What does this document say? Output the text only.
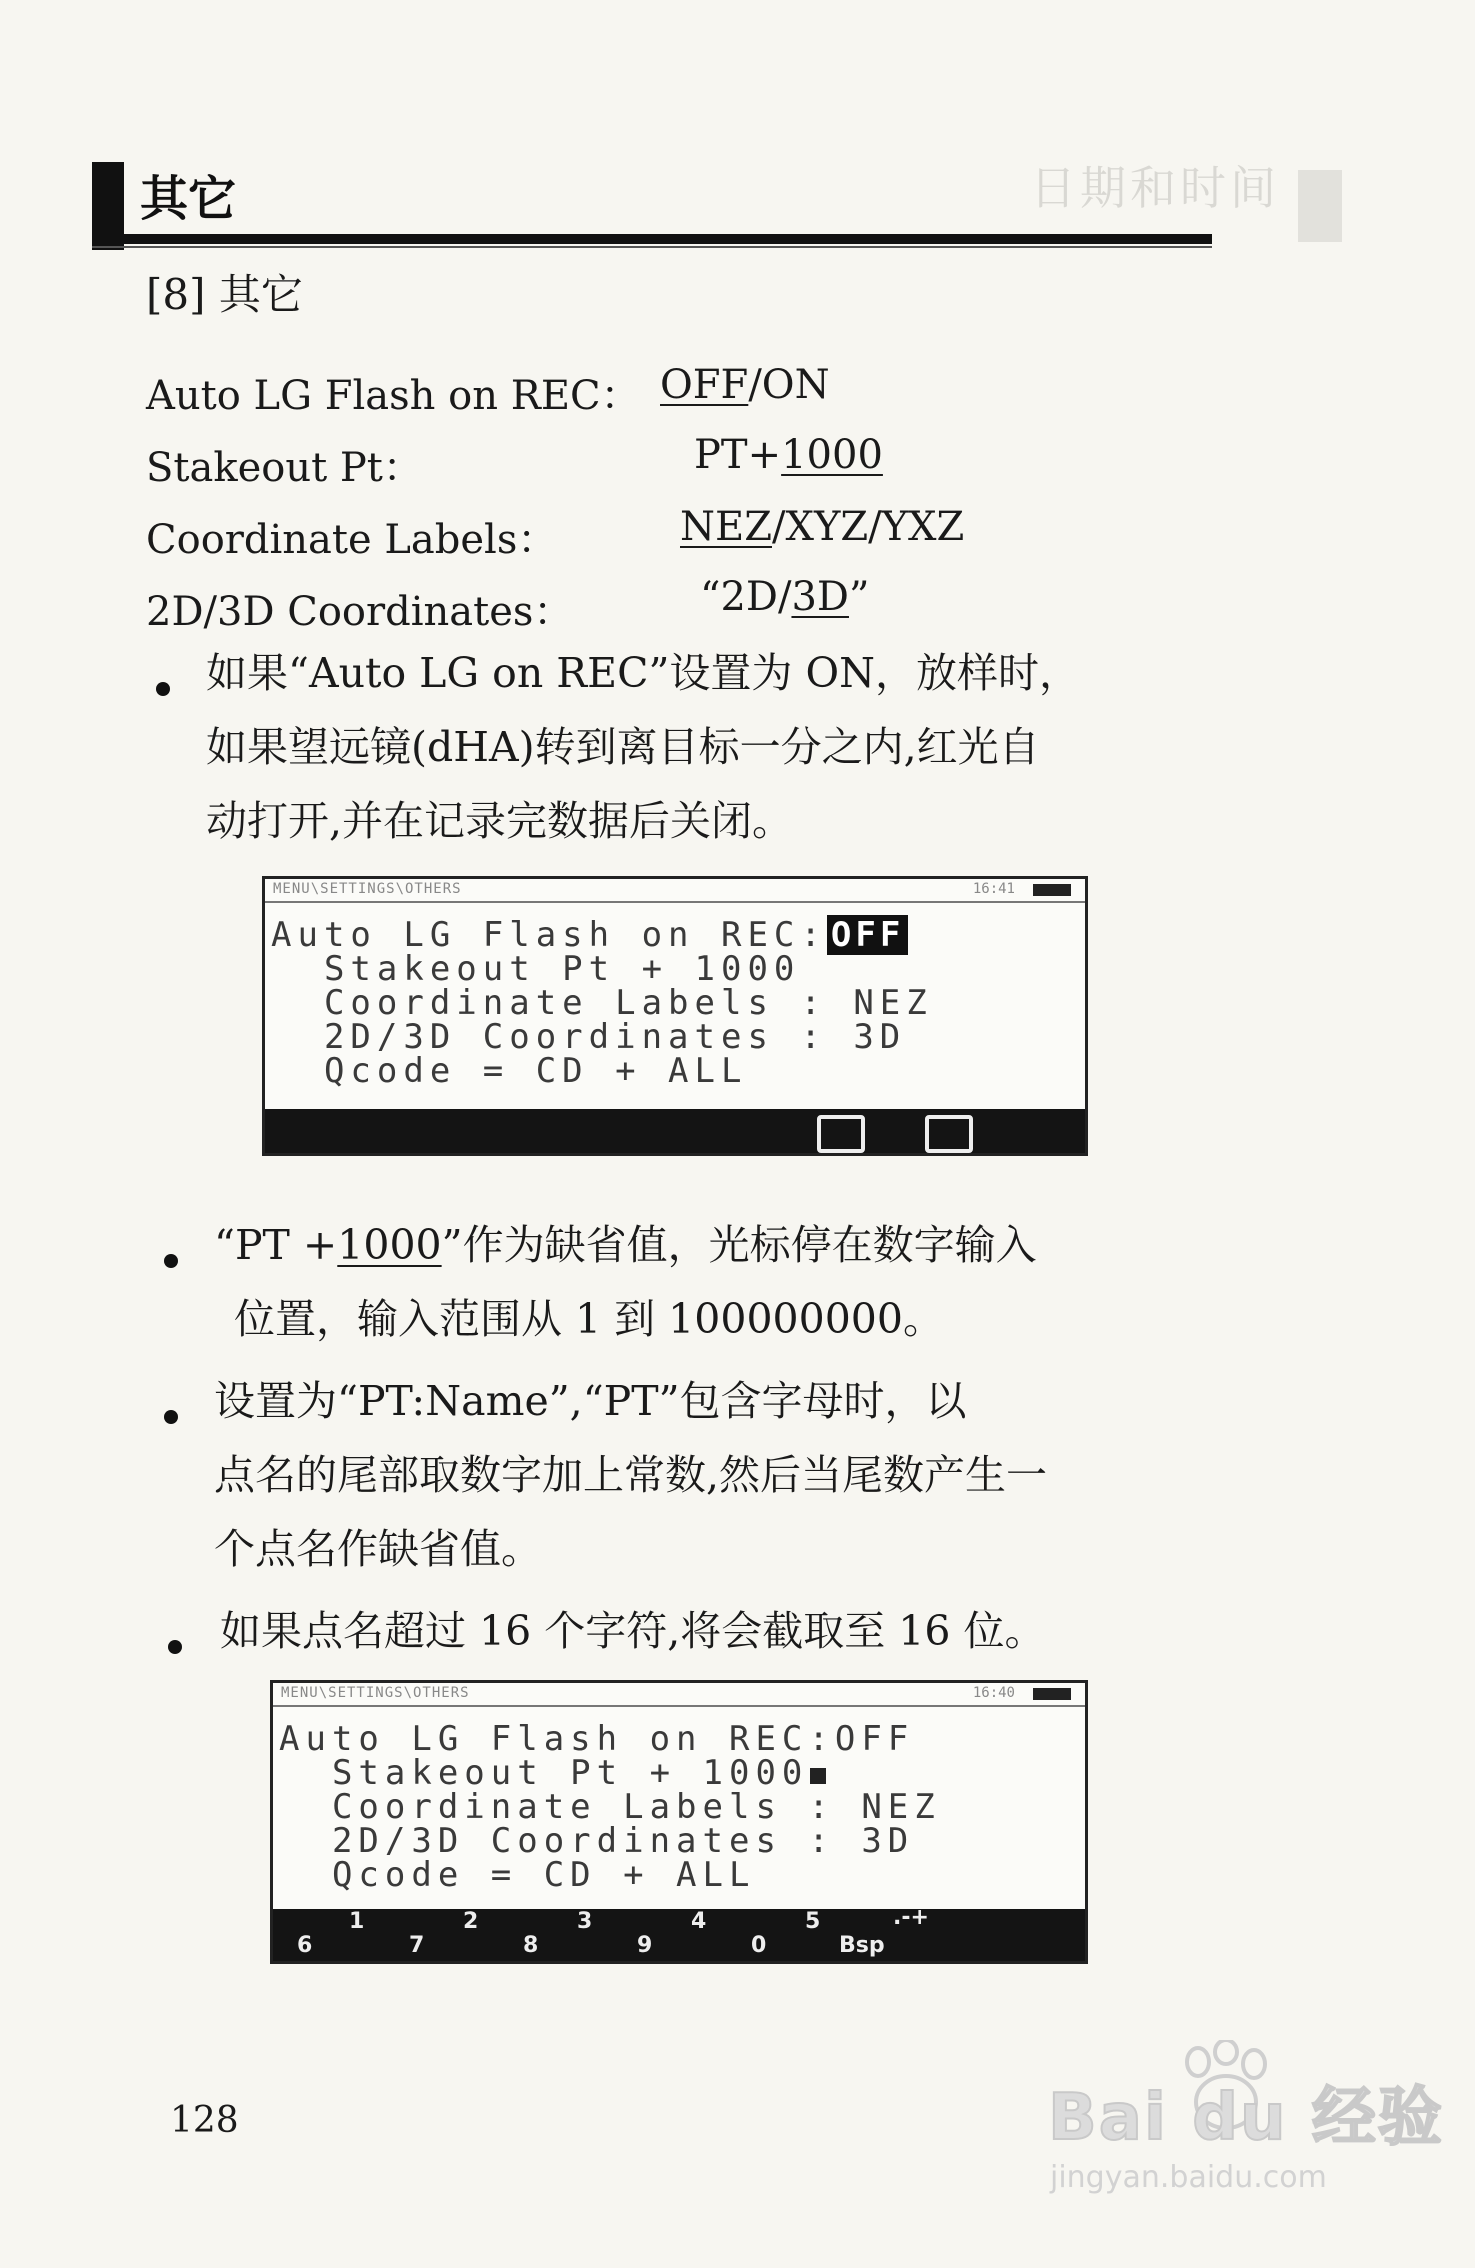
日期和时间
其它
[8] 其它
Auto LG Flash on REC： OFF/ON
Stakeout Pt：	PT+1000
Coordinate Labels：	NEZ/XYZ/YXZ
2D/3D Coordinates：	“2D/3D”
如果“Auto LG on REC”设置为 ON，放样时，
如果望远镜(dHA)转到离目标一分之内,红光自
动打开,并在记录完数据后关闭。
MENU\SETTINGS\OTHERS	16:41
Auto LG Flash on REC: OFF
Stakeout Pt + 1000
Coordinate Labels : NEZ
2D/3D Coordinates : 3D
Qcode = CD + ALL
“PT +1000”作为缺省值，光标停在数字输入
位置，输入范围从 1 到 100000000。
设置为“PT:Name”,“PT”包含字母时，以
点名的尾部取数字加上常数,然后当尾数产生一
个点名作缺省值。
如果点名超过 16 个字符,将会截取至 16 位。
MENU\SETTINGS\OTHERS	16:40
Auto LG Flash on REC:OFF
Stakeout Pt + 1000
Coordinate Labels : NEZ
2D/3D Coordinates : 3D
Qcode = CD + ALL
1	2	3	4	5	.-+
6	7	8	9	0	Bsp
128	Bai du 经验
jingyan.baidu.com
